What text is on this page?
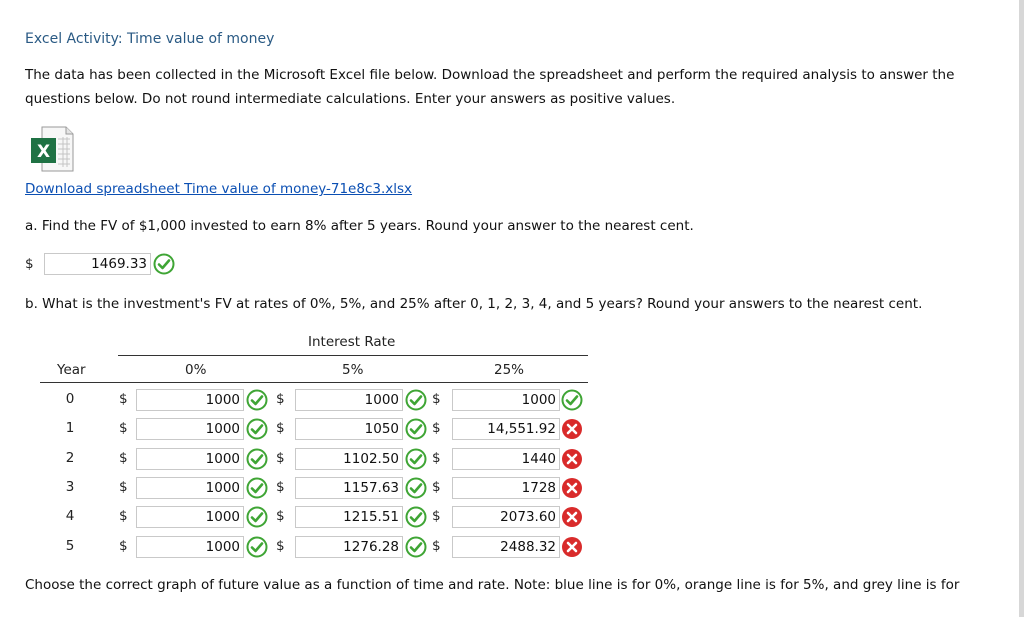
Excel Activity: Time value of money
The data has been collected in the Microsoft Excel file below. Download the spreadsheet and perform the required analysis to answer the questions below. Do not round intermediate calculations. Enter your answers as positive values.
X
Download spreadsheet Time value of money-71e8c3.xlsx
a. Find the FV of $1,000 invested to earn 8% after 5 years. Round your answer to the nearest cent.
$	1469.33
b. What is the investment's FV at rates of 0%, 5%, and 25% after 0, 1, 2, 3, 4, and 5 years? Round your answers to the nearest cent.
Interest Rate
Year	0%	5%	25%
0	$	1000	$	1000 $	1000
1	$	1000	$	1050 $	14,551.92
2	$	1000	$	1102.50 $	1440
3	$	1000	$	1157.63 $	1728
4	$	1000	$	1215.51 $	2073.60
5	$	1000	$	1276.28 $	2488.32
Choose the correct graph of future value as a function of time and rate. Note: blue line is for 0%, orange line is for 5%, and grey line is for
